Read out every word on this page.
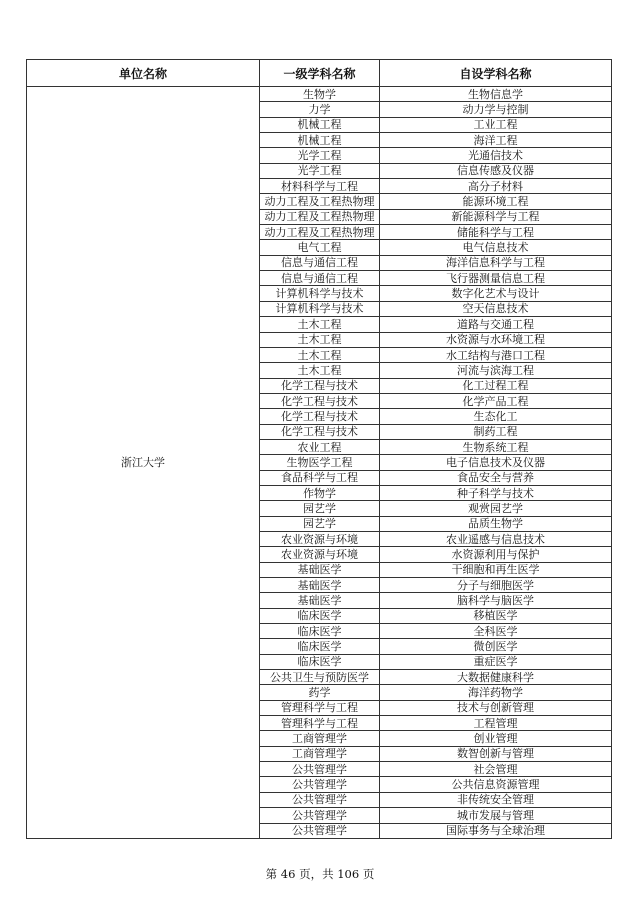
单位名称	一级学科名称	自设学科名称
浙江大学	生物学	生物信息学
	力学	动力学与控制
	机械工程	工业工程
	机械工程	海洋工程
	光学工程	光通信技术
	光学工程	信息传感及仪器
	材料科学与工程	高分子材料
	动力工程及工程热物理	能源环境工程
	动力工程及工程热物理	新能源科学与工程
	动力工程及工程热物理	储能科学与工程
	电气工程	电气信息技术
	信息与通信工程	海洋信息科学与工程
	信息与通信工程	飞行器测量信息工程
	计算机科学与技术	数字化艺术与设计
	计算机科学与技术	空天信息技术
	土木工程	道路与交通工程
	土木工程	水资源与水环境工程
	土木工程	水工结构与港口工程
	土木工程	河流与滨海工程
	化学工程与技术	化工过程工程
	化学工程与技术	化学产品工程
	化学工程与技术	生态化工
	化学工程与技术	制药工程
	农业工程	生物系统工程
	生物医学工程	电子信息技术及仪器
	食品科学与工程	食品安全与营养
	作物学	种子科学与技术
	园艺学	观赏园艺学
	园艺学	品质生物学
	农业资源与环境	农业遥感与信息技术
	农业资源与环境	水资源利用与保护
	基础医学	干细胞和再生医学
	基础医学	分子与细胞医学
	基础医学	脑科学与脑医学
	临床医学	移植医学
	临床医学	全科医学
	临床医学	微创医学
	临床医学	重症医学
	公共卫生与预防医学	大数据健康科学
	药学	海洋药物学
	管理科学与工程	技术与创新管理
	管理科学与工程	工程管理
	工商管理学	创业管理
	工商管理学	数智创新与管理
	公共管理学	社会管理
	公共管理学	公共信息资源管理
	公共管理学	非传统安全管理
	公共管理学	城市发展与管理
	公共管理学	国际事务与全球治理
第 46 页，共 106 页
